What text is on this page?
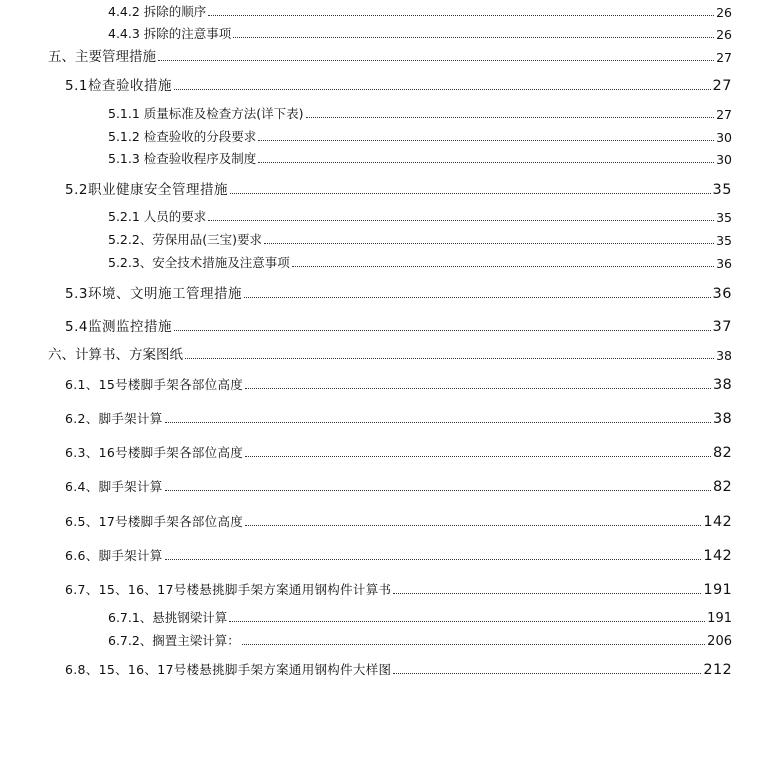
4.4.2 拆除的顺序	26
4.4.3 拆除的注意事项	26
五、主要管理措施	27
5.1检查验收措施	27
5.1.1 质量标准及检查方法(详下表)	27
5.1.2 检查验收的分段要求	30
5.1.3 检查验收程序及制度	30
5.2职业健康安全管理措施	35
5.2.1 人员的要求	35
5.2.2、劳保用品(三宝)要求	35
5.2.3、安全技术措施及注意事项	36
5.3环境、文明施工管理措施	36
5.4监测监控措施	37
六、计算书、方案图纸	38
6.1、15号楼脚手架各部位高度	38
6.2、脚手架计算	38
6.3、16号楼脚手架各部位高度	82
6.4、脚手架计算	82
6.5、17号楼脚手架各部位高度	142
6.6、脚手架计算	142
6.7、15、16、17号楼悬挑脚手架方案通用钢构件计算书	191
6.7.1、悬挑钢梁计算	191
6.7.2、搁置主梁计算：	206
6.8、15、16、17号楼悬挑脚手架方案通用钢构件大样图	212
